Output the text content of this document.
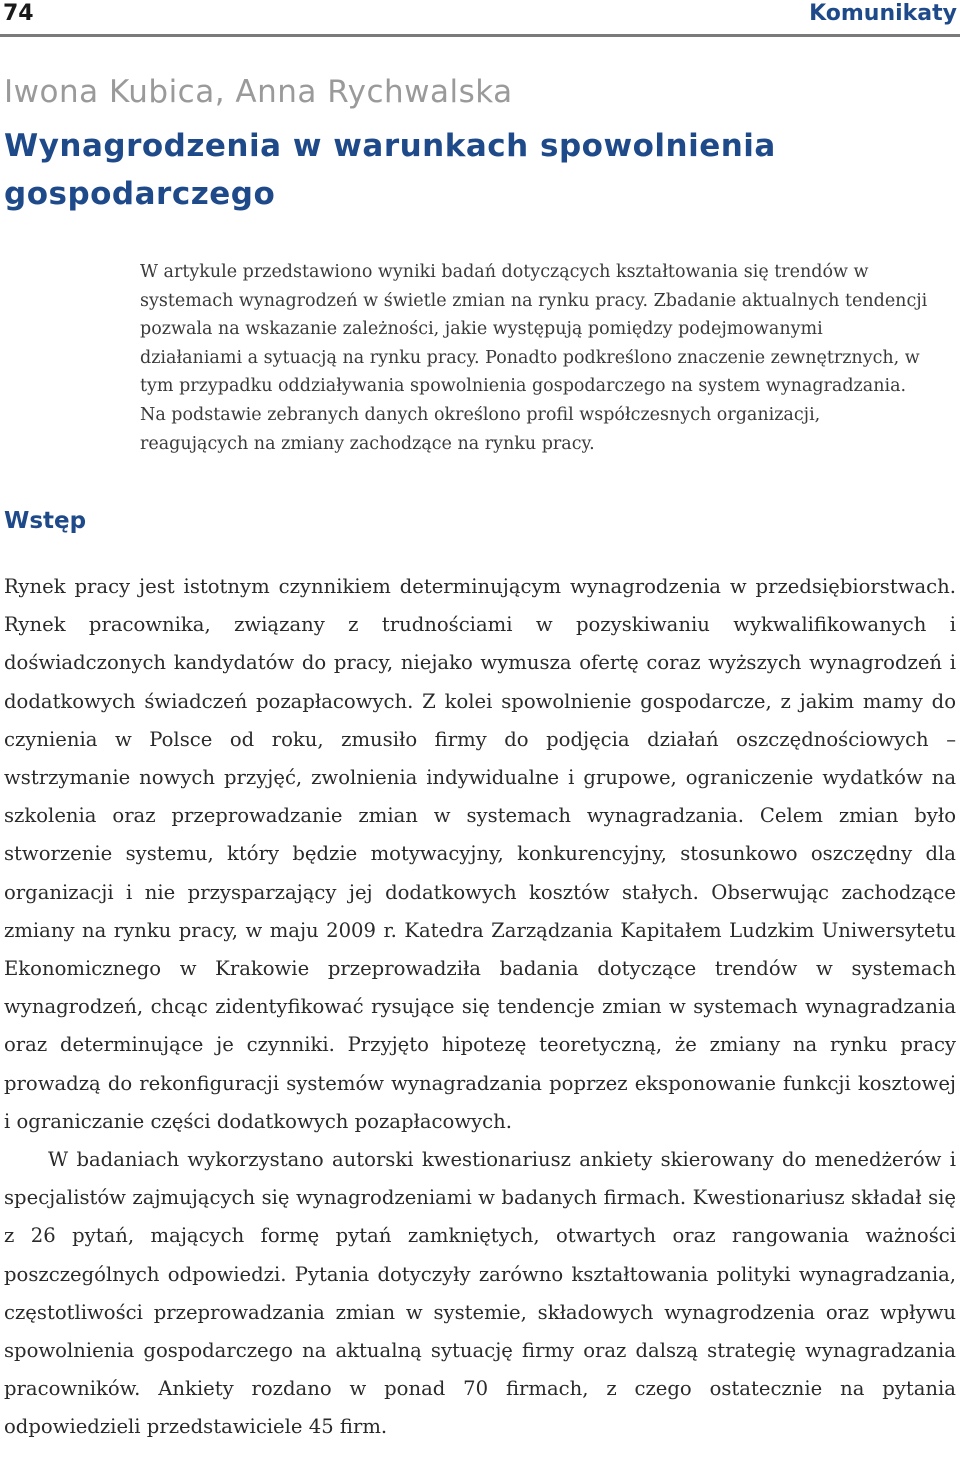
74	Komunikaty
Iwona Kubica, Anna Rychwalska
Wynagrodzenia w warunkach spowolnienia gospodarczego
W artykule przedstawiono wyniki badań dotyczących kształtowania się trendów w systemach wynagrodzeń w świetle zmian na rynku pracy. Zbadanie aktualnych tendencji pozwala na wskazanie zależności, jakie występują pomiędzy podejmowanymi działaniami a sytuacją na rynku pracy. Ponadto podkreślono znaczenie zewnętrznych, w tym przypadku oddziaływania spowolnienia gospodarczego na system wynagradzania. Na podstawie zebranych danych określono profil współczesnych organizacji, reagujących na zmiany zachodzące na rynku pracy.
Wstęp

Rynek pracy jest istotnym czynnikiem determinującym wynagrodzenia w przedsiębiorstwach. Rynek pracownika, związany z trudnościami w pozyskiwaniu wykwalifikowanych i doświadczonych kandydatów do pracy, niejako wymusza ofertę coraz wyższych wynagrodzeń i dodatkowych świadczeń pozapłacowych. Z kolei spowolnienie gospodarcze, z jakim mamy do czynienia w Polsce od roku, zmusiło firmy do podjęcia działań oszczędnościowych – wstrzymanie nowych przyjęć, zwolnienia indywidualne i grupowe, ograniczenie wydatków na szkolenia oraz przeprowadzanie zmian w systemach wynagradzania. Celem zmian było stworzenie systemu, który będzie motywacyjny, konkurencyjny, stosunkowo oszczędny dla organizacji i nie przysparzający jej dodatkowych kosztów stałych. Obserwując zachodzące zmiany na rynku pracy, w maju 2009 r. Katedra Zarządzania Kapitałem Ludzkim Uniwersytetu Ekonomicznego w Krakowie przeprowadziła badania dotyczące trendów w systemach wynagrodzeń, chcąc zidentyfikować rysujące się tendencje zmian w systemach wynagradzania oraz determinujące je czynniki. Przyjęto hipotezę teoretyczną, że zmiany na rynku pracy prowadzą do rekonfiguracji systemów wynagradzania poprzez eksponowanie funkcji kosztowej i ograniczanie części dodatkowych pozapłacowych.

W badaniach wykorzystano autorski kwestionariusz ankiety skierowany do menedżerów i specjalistów zajmujących się wynagrodzeniami w badanych firmach. Kwestionariusz składał się z 26 pytań, mających formę pytań zamkniętych, otwartych oraz rangowania ważności poszczególnych odpowiedzi. Pytania dotyczyły zarówno kształtowania polityki wynagradzania, częstotliwości przeprowadzania zmian w systemie, składowych wynagrodzenia oraz wpływu spowolnienia gospodarczego na aktualną sytuację firmy oraz dalszą strategię wynagradzania pracowników. Ankiety rozdano w ponad 70 firmach, z czego ostatecznie na pytania odpowiedzieli przedstawiciele 45 firm.
